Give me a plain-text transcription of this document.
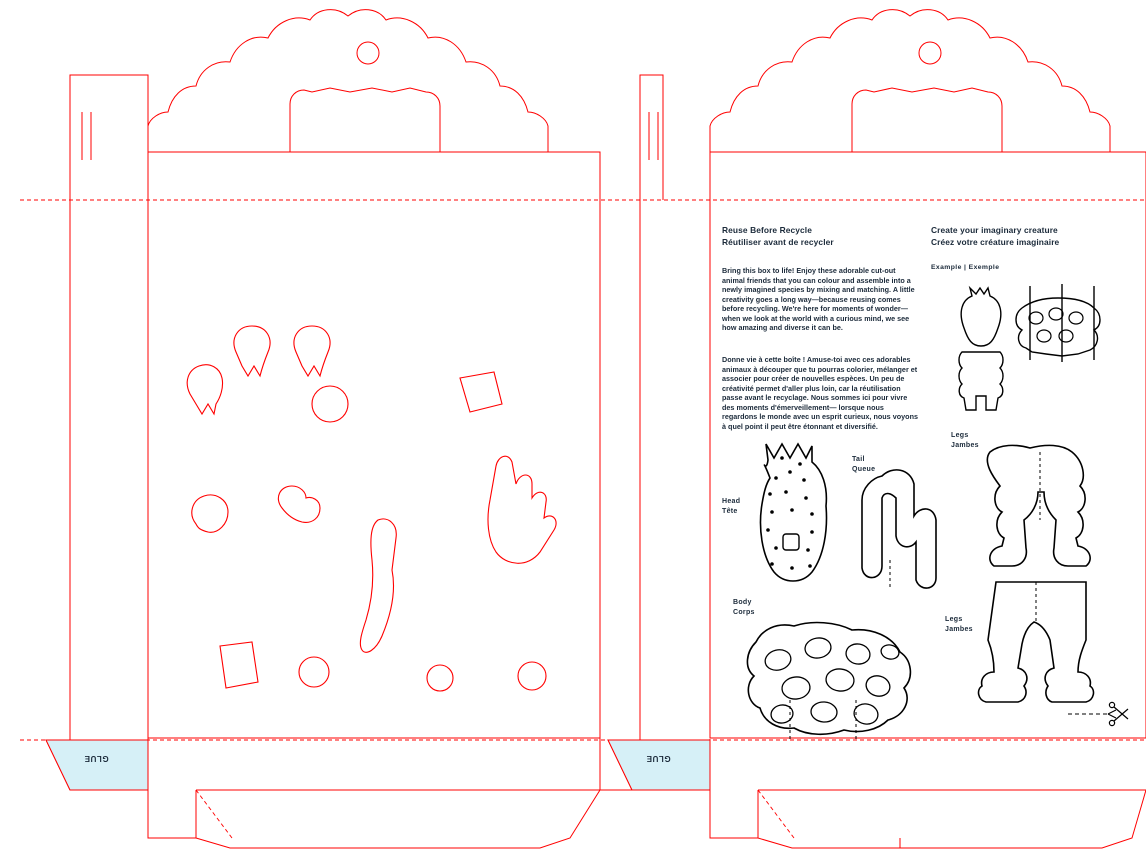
Reuse Before Recycle
Réutiliser avant de recycler
Bring this box to life! Enjoy these adorable cut-out animal friends that you can colour and assemble into a newly imagined species by mixing and matching. A little creativity goes a long way—because reusing comes before recycling. We're here for moments of wonder—when we look at the world with a curious mind, we see how amazing and diverse it can be.
Donne vie à cette boîte ! Amuse-toi avec ces adorables animaux à découper que tu pourras colorier, mélanger et associer pour créer de nouvelles espèces. Un peu de créativité permet d'aller plus loin, car la réutilisation passe avant le recyclage. Nous sommes ici pour vivre des moments d'émerveillement— lorsque nous regardons le monde avec un esprit curieux, nous voyons à quel point il peut être étonnant et diversifié.
Create your imaginary creature
Créez votre créature imaginaire
Example | Exemple
Head
Tête
Tail
Queue
Legs
Jambes
Body
Corps
Legs
Jambes
GLUE	GLUE
